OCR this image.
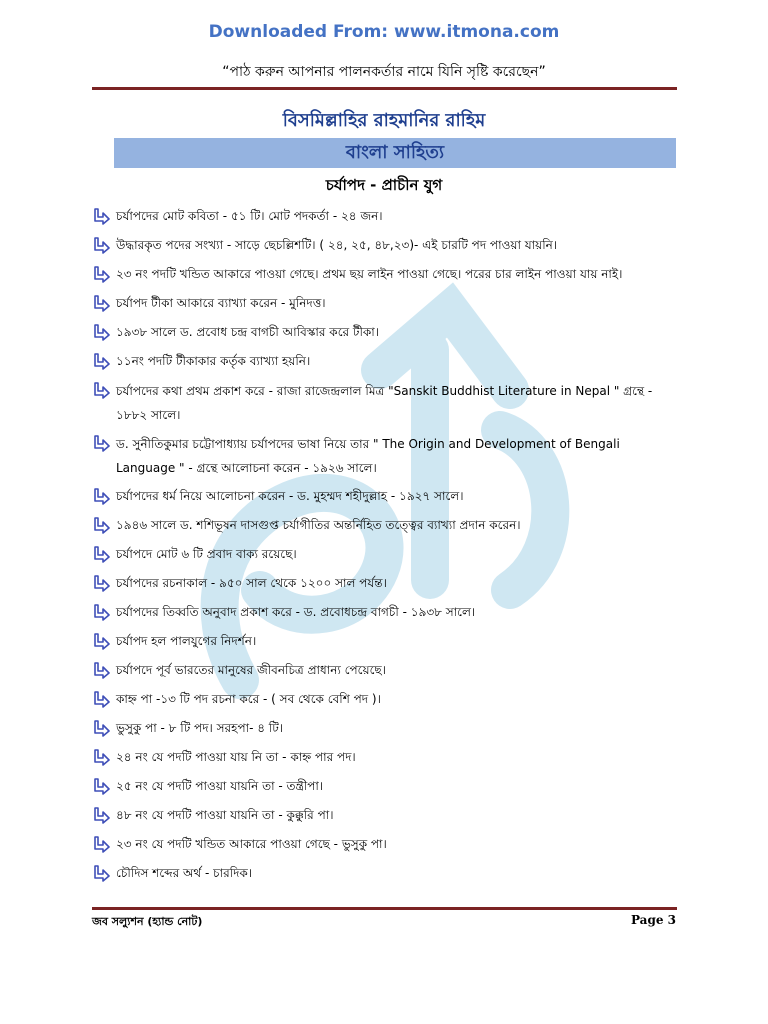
Downloaded From: www.itmona.com
“পাঠ করুন আপনার পালনকর্তার নামে যিনি সৃষ্টি করেছেন”
বিসমিল্লাহির রাহমানির রাহিম
বাংলা সাহিত্য
চর্যাপদ - প্রাচীন যুগ
চর্যাপদের মোট কবিতা - ৫১ টি। মোট পদকর্তা - ২৪ জন।
উদ্ধারকৃত পদের সংখ্যা - সাড়ে ছেচল্লিশটি। ( ২৪, ২৫, ৪৮,২৩)- এই চারটি পদ পাওয়া যায়নি।
২৩ নং পদটি খন্ডিত আকারে পাওয়া গেছে। প্রথম ছয় লাইন পাওয়া গেছে। পরের চার লাইন পাওয়া যায় নাই।
চর্যাপদ টীকা আকারে ব্যাখ্যা করেন - মুনিদত্ত।
১৯৩৮ সালে ড. প্রবোধ চন্দ্র বাগচী আবিস্কার করে টীকা।
১১নং পদটি টীকাকার কর্তৃক ব্যাখ্যা হয়নি।
চর্যাপদের কথা প্রথম প্রকাশ করে - রাজা রাজেন্দ্রলাল মিত্র "Sanskit Buddhist Literature in Nepal " গ্রন্থে - ১৮৮২ সালে।
ড. সুনীতিকুমার চট্টোপাধ্যায় চর্যাপদের ভাষা নিয়ে তার " The Origin and Development of Bengali Language " - গ্রন্থে আলোচনা করেন - ১৯২৬ সালে।
চর্যাপদের ধর্ম নিয়ে আলোচনা করেন - ড. মুহম্মদ শহীদুল্লাহ - ১৯২৭ সালে।
১৯৪৬ সালে ড. শশিভূষন দাসগুপ্ত চর্যাগীতির অন্তর্নিহিত তত্ত্বের ব্যাখ্যা প্রদান করেন।
চর্যাপদে মোট ৬ টি প্রবাদ বাক্য রয়েছে।
চর্যাপদের রচনাকাল - ৯৫০ সাল থেকে ১২০০ সাল পর্যন্ত।
চর্যাপদের তিব্বতি অনুবাদ প্রকাশ করে - ড. প্রবোধচন্দ্র বাগচী - ১৯৩৮ সালে।
চর্যাপদ হল পালযুগের নিদর্শন।
চর্যাপদে পূর্ব ভারতের মানুষের জীবনচিত্র প্রাধান্য পেয়েছে।
কাহ্ন পা -১৩ টি পদ রচনা করে - ( সব থেকে বেশি পদ )।
ভুসুকু পা - ৮ টি পদ। সরহপা- ৪ টি।
২৪ নং যে পদটি পাওয়া যায় নি তা - কাহ্ন পার পদ।
২৫ নং যে পদটি পাওয়া যায়নি তা - তন্ত্রীপা।
৪৮ নং যে পদটি পাওয়া যায়নি তা - কুক্কুরি পা।
২৩ নং যে পদটি খন্ডিত আকারে পাওয়া গেছে - ভুসুকু পা।
চৌদিস শব্দের অর্থ - চারদিক।
জব সল্যুশন (হ্যান্ড নোট)	Page 3
